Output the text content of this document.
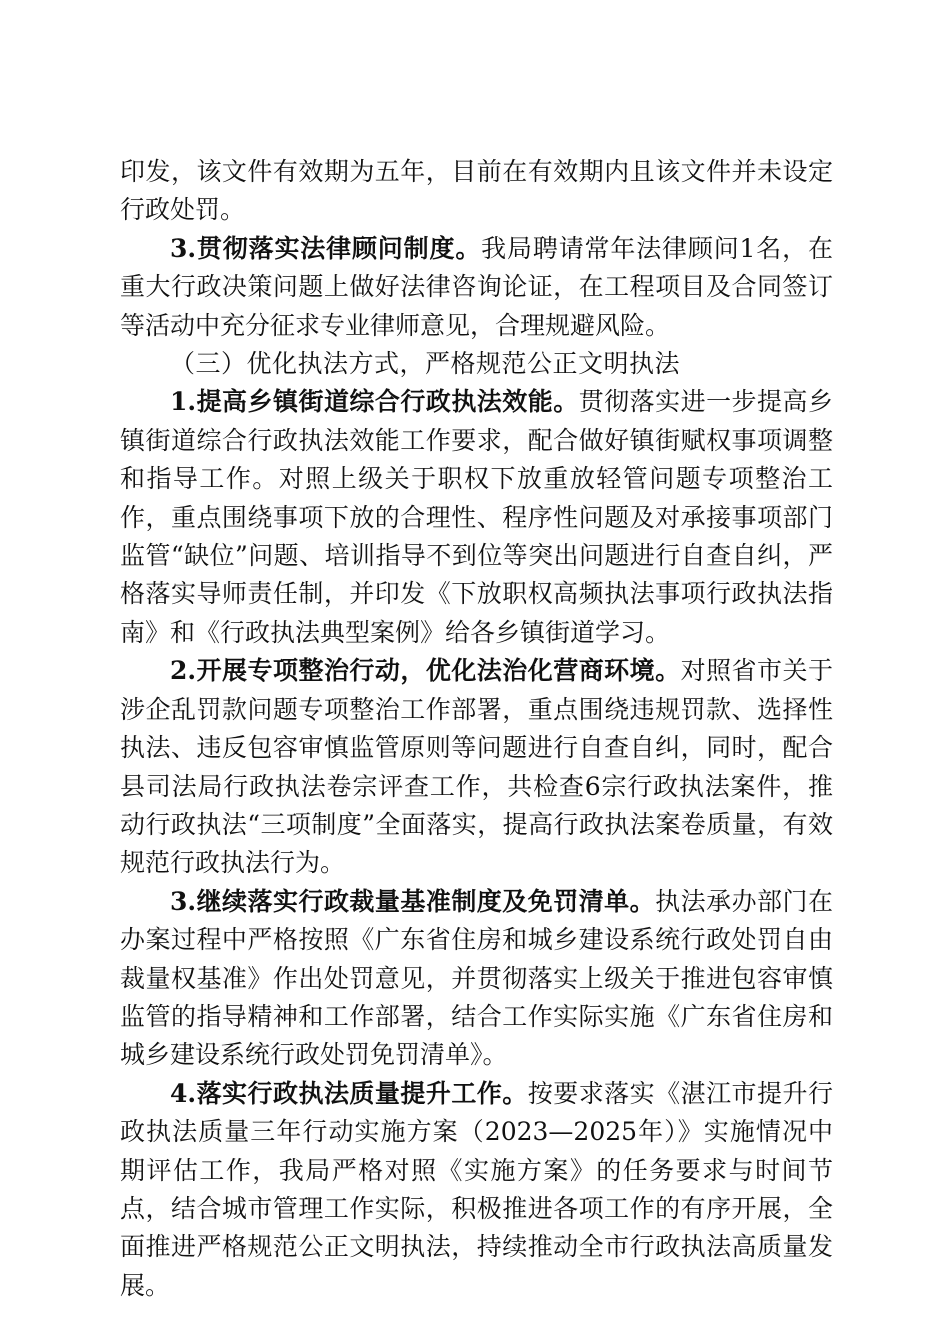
印发，该文件有效期为五年，目前在有效期内且该文件并未设定行政处罚。

3.贯彻落实法律顾问制度。我局聘请常年法律顾问1名，在重大行政决策问题上做好法律咨询论证，在工程项目及合同签订等活动中充分征求专业律师意见，合理规避风险。

（三）优化执法方式，严格规范公正文明执法

1.提高乡镇街道综合行政执法效能。贯彻落实进一步提高乡镇街道综合行政执法效能工作要求，配合做好镇街赋权事项调整和指导工作。对照上级关于职权下放重放轻管问题专项整治工作，重点围绕事项下放的合理性、程序性问题及对承接事项部门监管“缺位”问题、培训指导不到位等突出问题进行自查自纠，严格落实导师责任制，并印发《下放职权高频执法事项行政执法指南》和《行政执法典型案例》给各乡镇街道学习。

2.开展专项整治行动，优化法治化营商环境。对照省市关于涉企乱罚款问题专项整治工作部署，重点围绕违规罚款、选择性执法、违反包容审慎监管原则等问题进行自查自纠，同时，配合县司法局行政执法卷宗评查工作，共检查6宗行政执法案件，推动行政执法“三项制度”全面落实，提高行政执法案卷质量，有效规范行政执法行为。

3.继续落实行政裁量基准制度及免罚清单。执法承办部门在办案过程中严格按照《广东省住房和城乡建设系统行政处罚自由裁量权基准》作出处罚意见，并贯彻落实上级关于推进包容审慎监管的指导精神和工作部署，结合工作实际实施《广东省住房和城乡建设系统行政处罚免罚清单》。

4.落实行政执法质量提升工作。按要求落实《湛江市提升行政执法质量三年行动实施方案（2023—2025年）》实施情况中期评估工作，我局严格对照《实施方案》的任务要求与时间节点，结合城市管理工作实际，积极推进各项工作的有序开展，全面推进严格规范公正文明执法，持续推动全市行政执法高质量发展。
